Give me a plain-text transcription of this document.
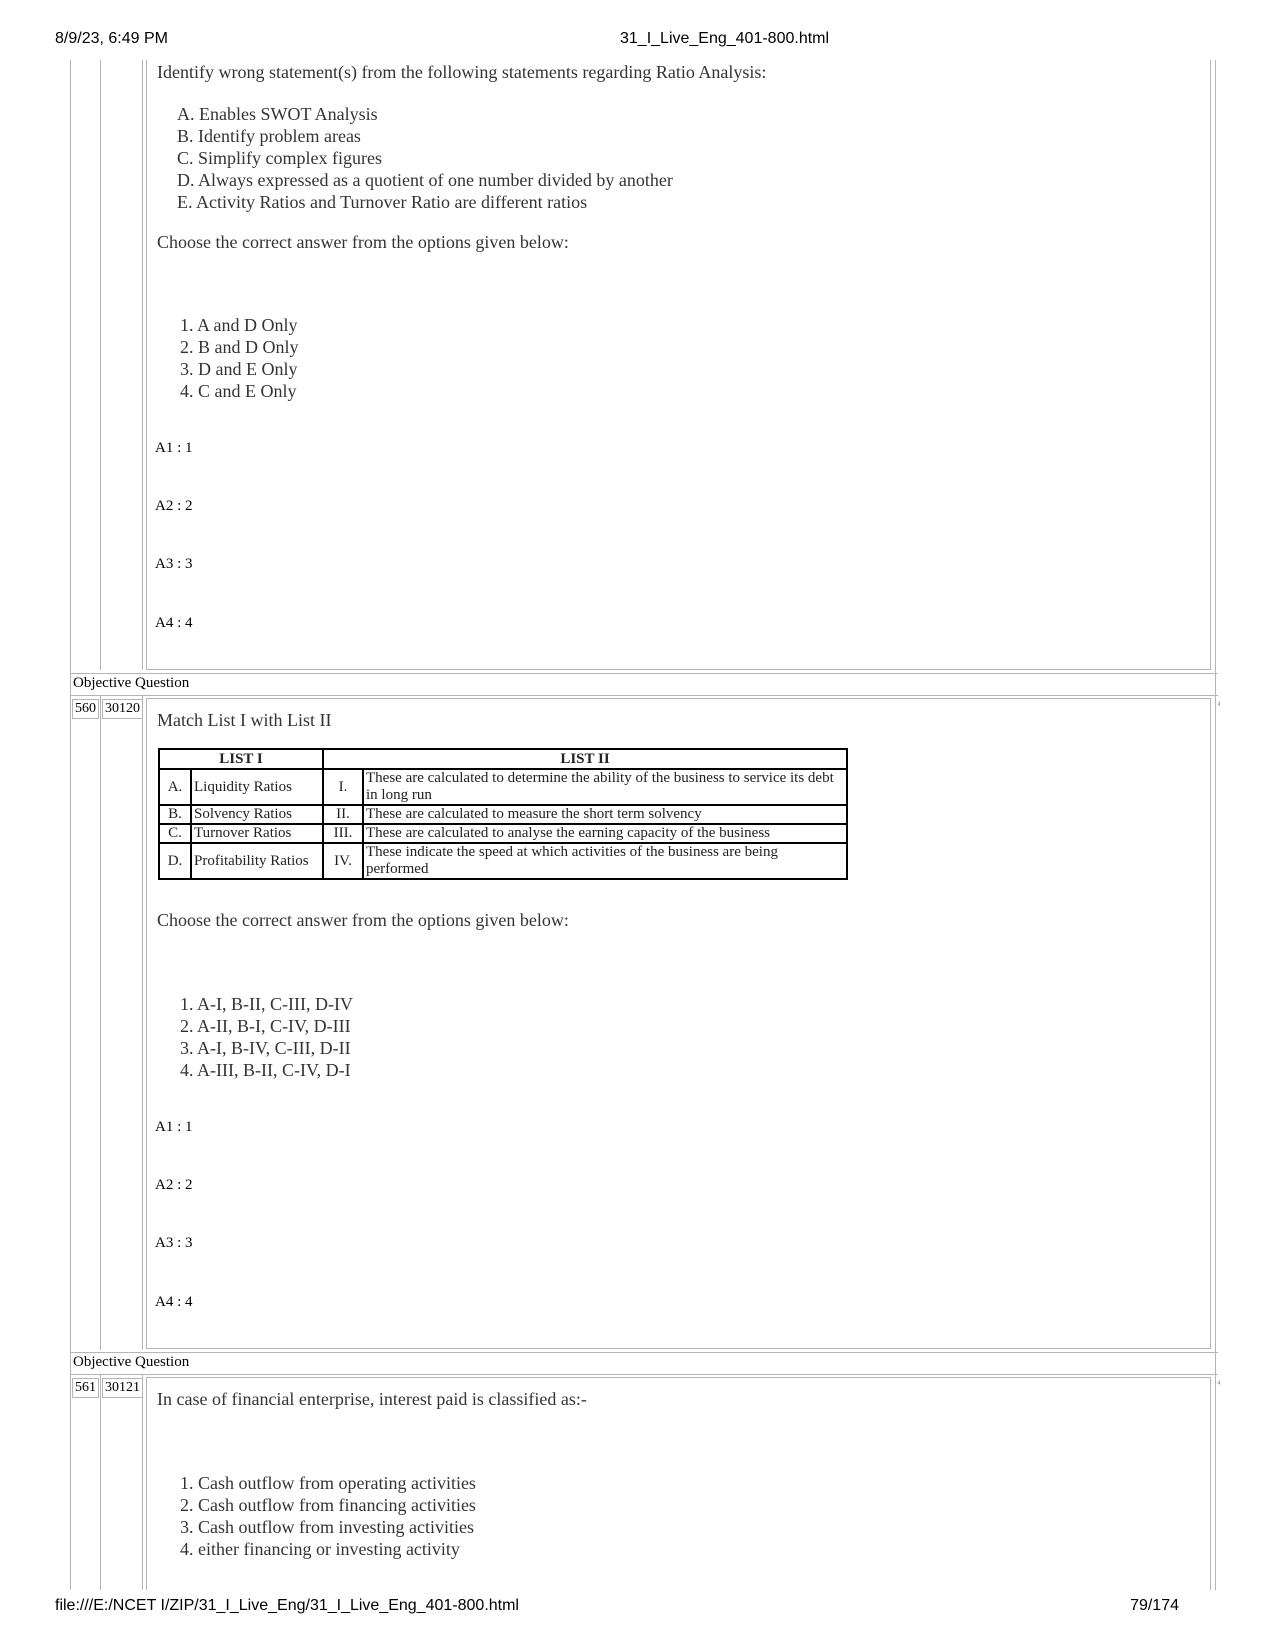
8/9/23, 6:49 PM	31_I_Live_Eng_401-800.html
file:///E:/NCET I/ZIP/31_I_Live_Eng/31_I_Live_Eng_401-800.html	79/174
Identify wrong statement(s) from the following statements regarding Ratio Analysis:
A. Enables SWOT Analysis
B. Identify problem areas
C. Simplify complex figures
D. Always expressed as a quotient of one number divided by another
E. Activity Ratios and Turnover Ratio are different ratios
Choose the correct answer from the options given below:
1. A and D Only
2. B and D Only
3. D and E Only
4. C and E Only
A1 : 1
A2 : 2
A3 : 3
A4 : 4
Objective Question
560 30120	⁴
Match List I with List II
LIST I		LIST II	
A.	Liquidity Ratios	I.	These are calculated to determine the ability of the business to service its debt in long run
B.	Solvency Ratios	II.	These are calculated to measure the short term solvency
C.	Turnover Ratios	III.	These are calculated to analyse the earning capacity of the business
D.	Profitability Ratios	IV.	These indicate the speed at which activities of the business are being performed
Choose the correct answer from the options given below:
1. A-I, B-II, C-III, D-IV
2. A-II, B-I, C-IV, D-III
3. A-I, B-IV, C-III, D-II
4. A-III, B-II, C-IV, D-I
A1 : 1
A2 : 2
A3 : 3
A4 : 4
Objective Question
561 30121	⁴
In case of financial enterprise, interest paid is classified as:-
1. Cash outflow from operating activities
2. Cash outflow from financing activities
3. Cash outflow from investing activities
4. either financing or investing activity
